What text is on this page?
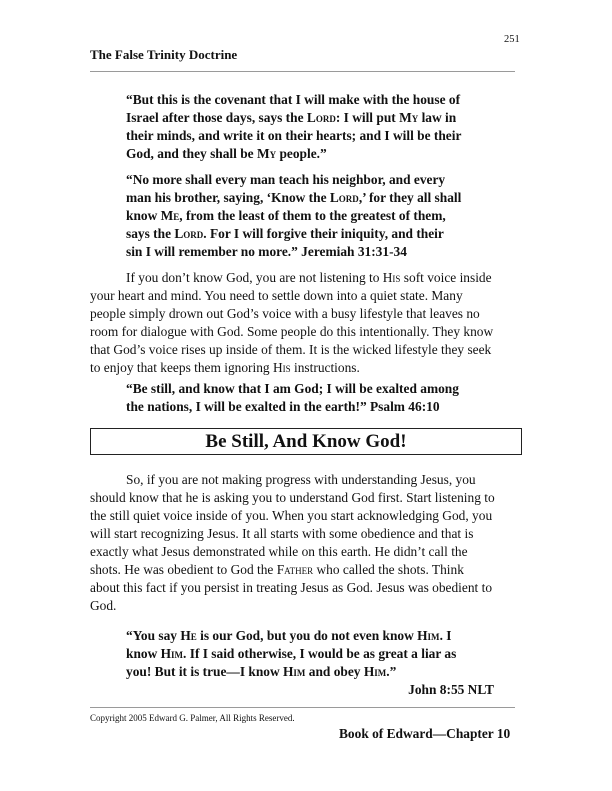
251
The False Trinity Doctrine

“But this is the covenant that I will make with the house of

Israel after those days, says the Lord: I will put My law in

their minds, and write it on their hearts; and I will be their

God, and they shall be My people.”

“No more shall every man teach his neighbor, and every

man his brother, saying, ‘Know the Lord,’ for they all shall

know Me, from the least of them to the greatest of them,

says the Lord. For I will forgive their iniquity, and their

sin I will remember no more.” Jeremiah 31:31-34

If you don’t know God, you are not listening to His soft voice inside

your heart and mind. You need to settle down into a quiet state. Many

people simply drown out God’s voice with a busy lifestyle that leaves no

room for dialogue with God. Some people do this intentionally. They know

that God’s voice rises up inside of them. It is the wicked lifestyle they seek

to enjoy that keeps them ignoring His instructions.

“Be still, and know that I am God; I will be exalted among

the nations, I will be exalted in the earth!” Psalm 46:10

Be Still, And Know God!

So, if you are not making progress with understanding Jesus, you

should know that he is asking you to understand God first. Start listening to

the still quiet voice inside of you. When you start acknowledging God, you

will start recognizing Jesus. It all starts with some obedience and that is

exactly what Jesus demonstrated while on this earth. He didn’t call the

shots. He was obedient to God the Father who called the shots. Think

about this fact if you persist in treating Jesus as God. Jesus was obedient to

God.

“You say He is our God, but you do not even know Him. I

know Him. If I said otherwise, I would be as great a liar as

you! But it is true—I know Him and obey Him.”

John 8:55 NLT

Copyright 2005 Edward G. Palmer, All Rights Reserved.
Book of Edward—Chapter 10
